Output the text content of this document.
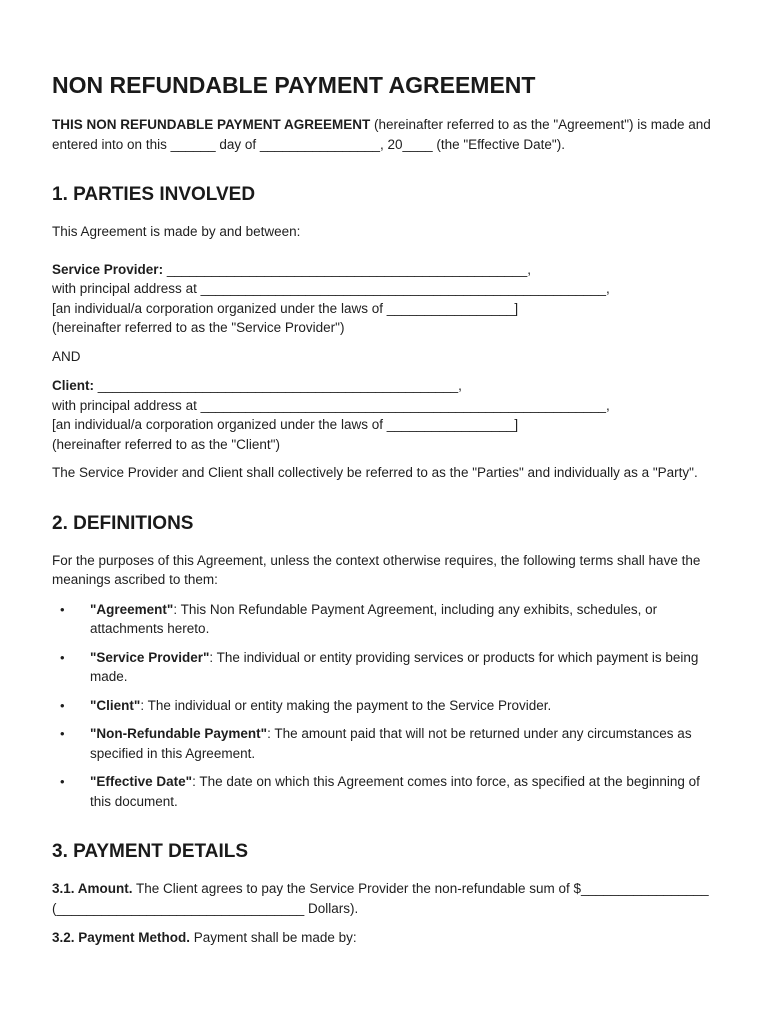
NON REFUNDABLE PAYMENT AGREEMENT

THIS NON REFUNDABLE PAYMENT AGREEMENT (hereinafter referred to as the "Agreement") is made and entered into on this ______ day of ________________, 20____ (the "Effective Date").

1. PARTIES INVOLVED

This Agreement is made by and between:

Service Provider: ________________________________________________,
with principal address at ______________________________________________________,
[an individual/a corporation organized under the laws of _________________]
(hereinafter referred to as the "Service Provider")

AND

Client: ________________________________________________,
with principal address at ______________________________________________________,
[an individual/a corporation organized under the laws of _________________]
(hereinafter referred to as the "Client")

The Service Provider and Client shall collectively be referred to as the "Parties" and individually as a "Party".

2. DEFINITIONS

For the purposes of this Agreement, unless the context otherwise requires, the following terms shall have the meanings ascribed to them:

• "Agreement": This Non Refundable Payment Agreement, including any exhibits, schedules, or attachments hereto.
• "Service Provider": The individual or entity providing services or products for which payment is being made.
• "Client": The individual or entity making the payment to the Service Provider.
• "Non-Refundable Payment": The amount paid that will not be returned under any circumstances as specified in this Agreement.
• "Effective Date": The date on which this Agreement comes into force, as specified at the beginning of this document.
3. PAYMENT DETAILS

3.1. Amount. The Client agrees to pay the Service Provider the non-refundable sum of $_________________ (_________________________________ Dollars).

3.2. Payment Method. Payment shall be made by:
